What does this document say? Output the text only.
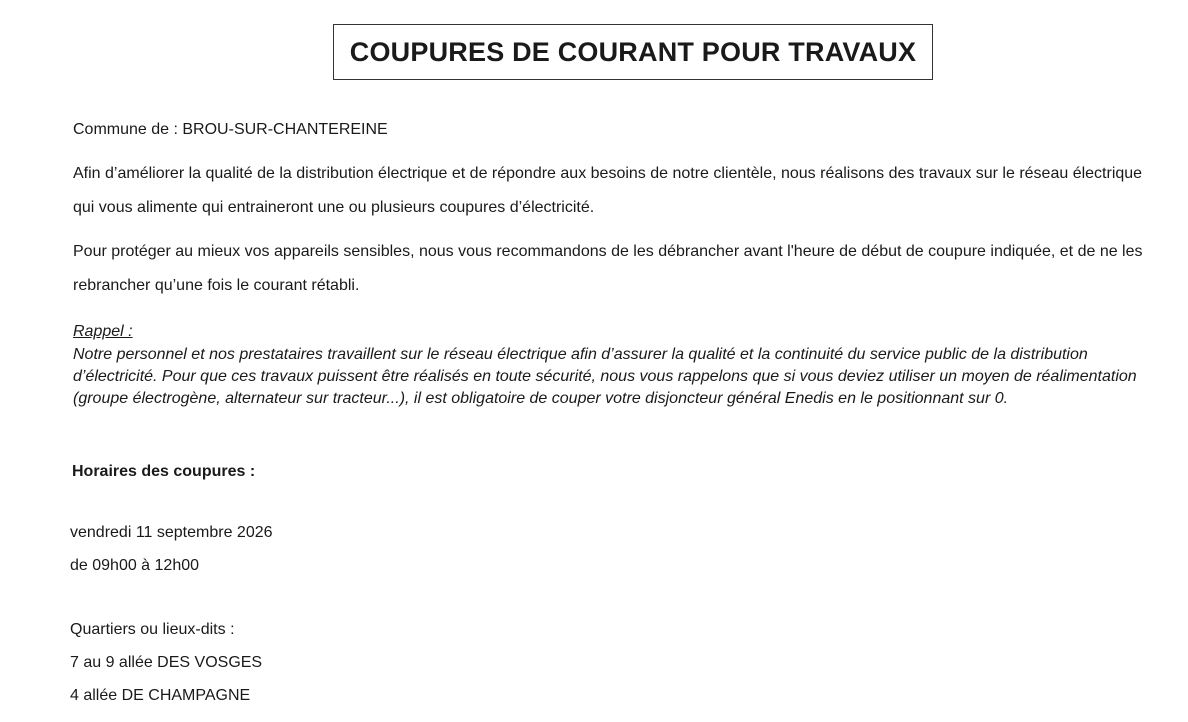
COUPURES DE COURANT POUR TRAVAUX
Commune de : BROU-SUR-CHANTEREINE
Afin d’améliorer la qualité de la distribution électrique et de répondre aux besoins de notre clientèle, nous réalisons des travaux sur le réseau électrique qui vous alimente qui entraineront une ou plusieurs coupures d’électricité.
Pour protéger au mieux vos appareils sensibles, nous vous recommandons de les débrancher avant l'heure de début de coupure indiquée, et de ne les rebrancher qu’une fois le courant rétabli.
Rappel :
Notre personnel et nos prestataires travaillent sur le réseau électrique afin d’assurer la qualité et la continuité du service public de la distribution d’électricité. Pour que ces travaux puissent être réalisés en toute sécurité, nous vous rappelons que si vous deviez utiliser un moyen de réalimentation (groupe électrogène, alternateur sur tracteur...), il est obligatoire de couper votre disjoncteur général Enedis en le positionnant sur 0.
Horaires des coupures :
vendredi 11 septembre 2026
de 09h00 à 12h00
Quartiers ou lieux-dits :
7 au 9 allée DES VOSGES
4 allée DE CHAMPAGNE
